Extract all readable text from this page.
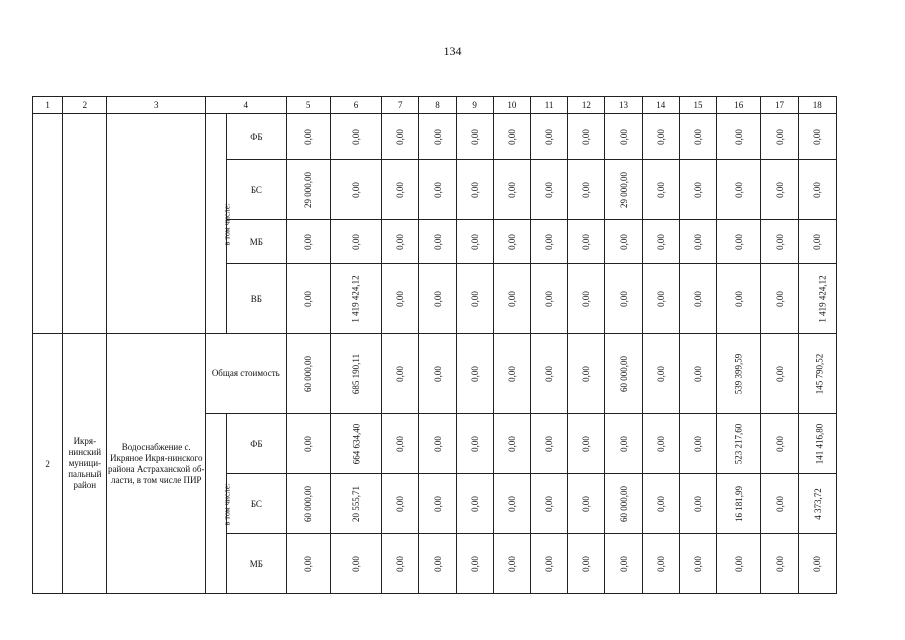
134
1	2	3	4		5	6	7	8	9	10	11	12	13	14	15	16	17	18
			в том числе:	ФБ	0,00	0,00	0,00	0,00	0,00	0,00	0,00	0,00	0,00	0,00	0,00	0,00	0,00	0,00
				БС	29 000,00	0,00	0,00	0,00	0,00	0,00	0,00	0,00	29 000,00	0,00	0,00	0,00	0,00	0,00
				МБ	0,00	0,00	0,00	0,00	0,00	0,00	0,00	0,00	0,00	0,00	0,00	0,00	0,00	0,00
				ВБ	0,00	1 419 424,12	0,00	0,00	0,00	0,00	0,00	0,00	0,00	0,00	0,00	0,00	0,00	1 419 424,12
2	Икря-нинский муници-пальный район	Водоснабжение с. Икряное Икря-нинского района Астраханской об-ласти, в том числе ПИР	Общая стоимость		60 000,00	685 190,11	0,00	0,00	0,00	0,00	0,00	0,00	60 000,00	0,00	0,00	539 399,59	0,00	145 790,52
			в том числе:	ФБ	0,00	664 634,40	0,00	0,00	0,00	0,00	0,00	0,00	0,00	0,00	0,00	523 217,60	0,00	141 416,80
				БС	60 000,00	20 555,71	0,00	0,00	0,00	0,00	0,00	0,00	60 000,00	0,00	0,00	16 181,99	0,00	4 373,72
				МБ	0,00	0,00	0,00	0,00	0,00	0,00	0,00	0,00	0,00	0,00	0,00	0,00	0,00	0,00
